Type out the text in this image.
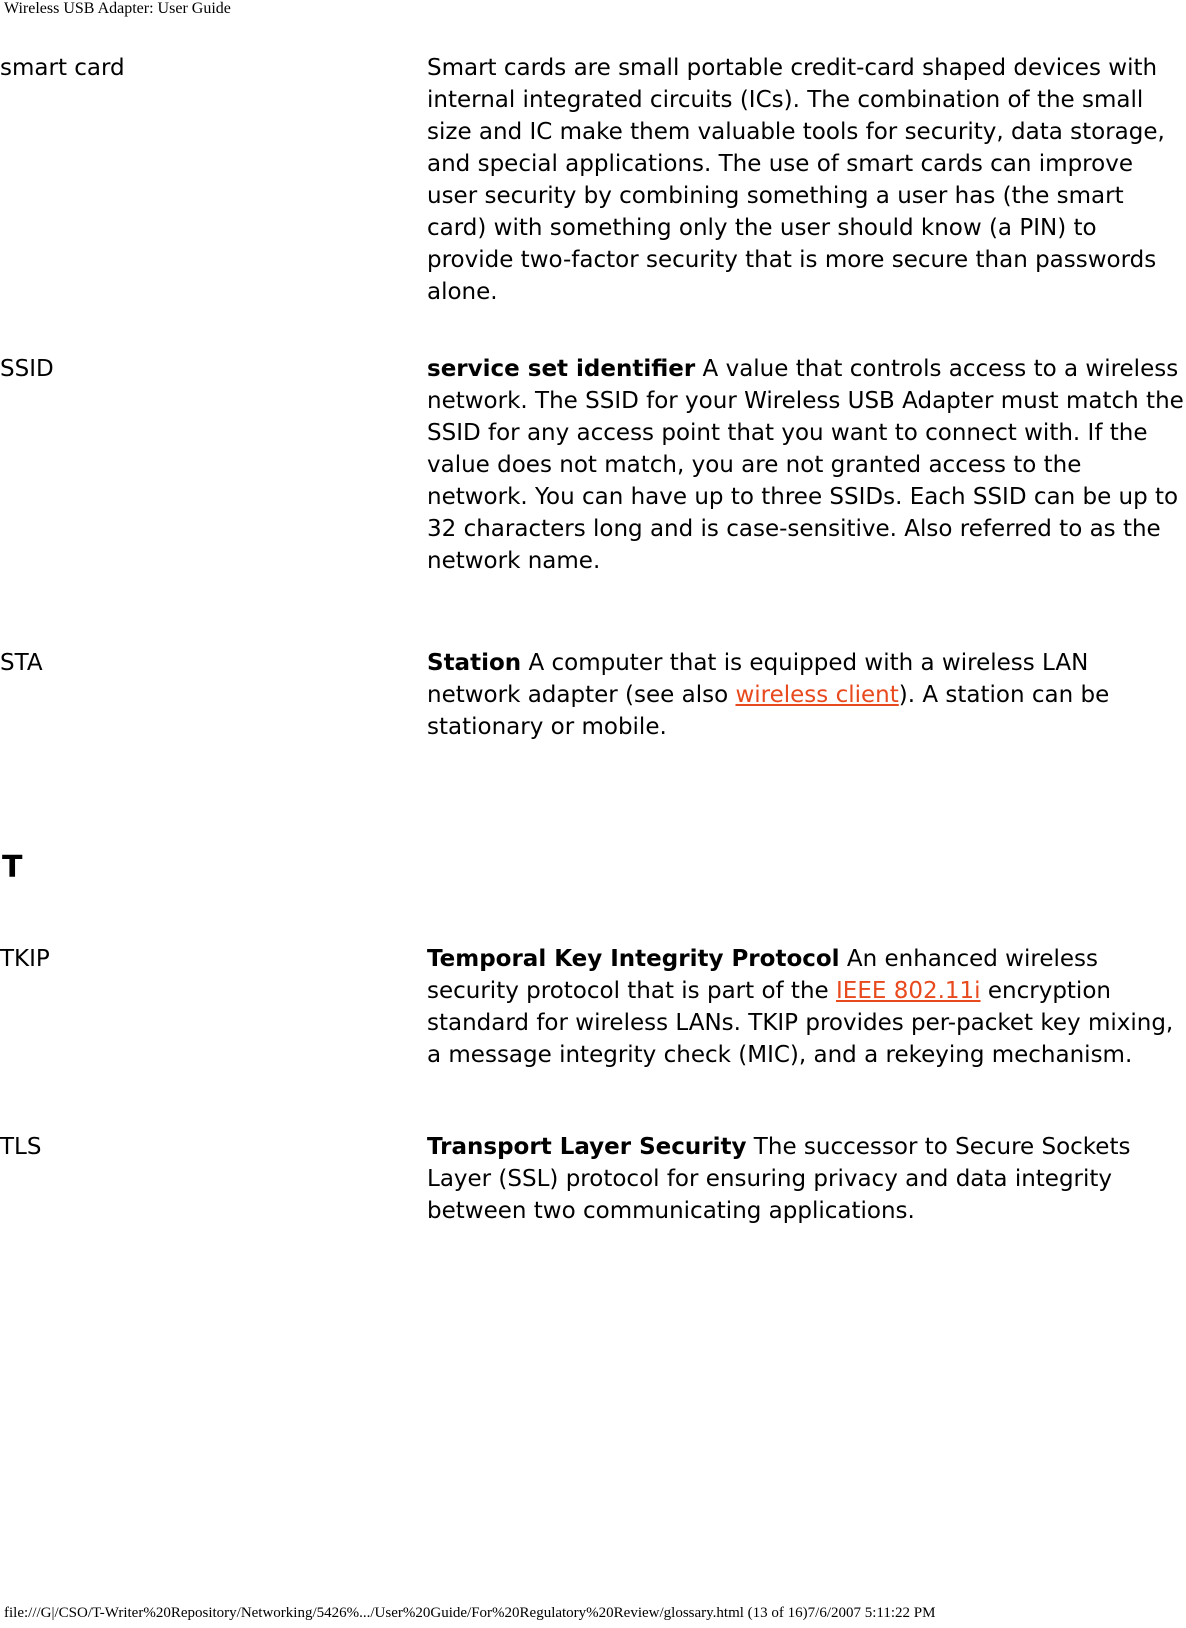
Wireless USB Adapter: User Guide
smart card	Smart cards are small portable credit-card shaped devices with internal integrated circuits (ICs). The combination of the small size and IC make them valuable tools for security, data storage, and special applications. The use of smart cards can improve user security by combining something a user has (the smart card) with something only the user should know (a PIN) to provide two-factor security that is more secure than passwords alone.
SSID	service set identifier A value that controls access to a wireless network. The SSID for your Wireless USB Adapter must match the SSID for any access point that you want to connect with. If the value does not match, you are not granted access to the network. You can have up to three SSIDs. Each SSID can be up to 32 characters long and is case-sensitive. Also referred to as the network name.
STA	Station A computer that is equipped with a wireless LAN network adapter (see also wireless client). A station can be stationary or mobile.
T
TKIP	Temporal Key Integrity Protocol An enhanced wireless security protocol that is part of the IEEE 802.11i encryption standard for wireless LANs. TKIP provides per-packet key mixing, a message integrity check (MIC), and a rekeying mechanism.
TLS	Transport Layer Security The successor to Secure Sockets Layer (SSL) protocol for ensuring privacy and data integrity between two communicating applications.
file:///G|/CSO/T-Writer%20Repository/Networking/5426%.../User%20Guide/For%20Regulatory%20Review/glossary.html (13 of 16)7/6/2007 5:11:22 PM
